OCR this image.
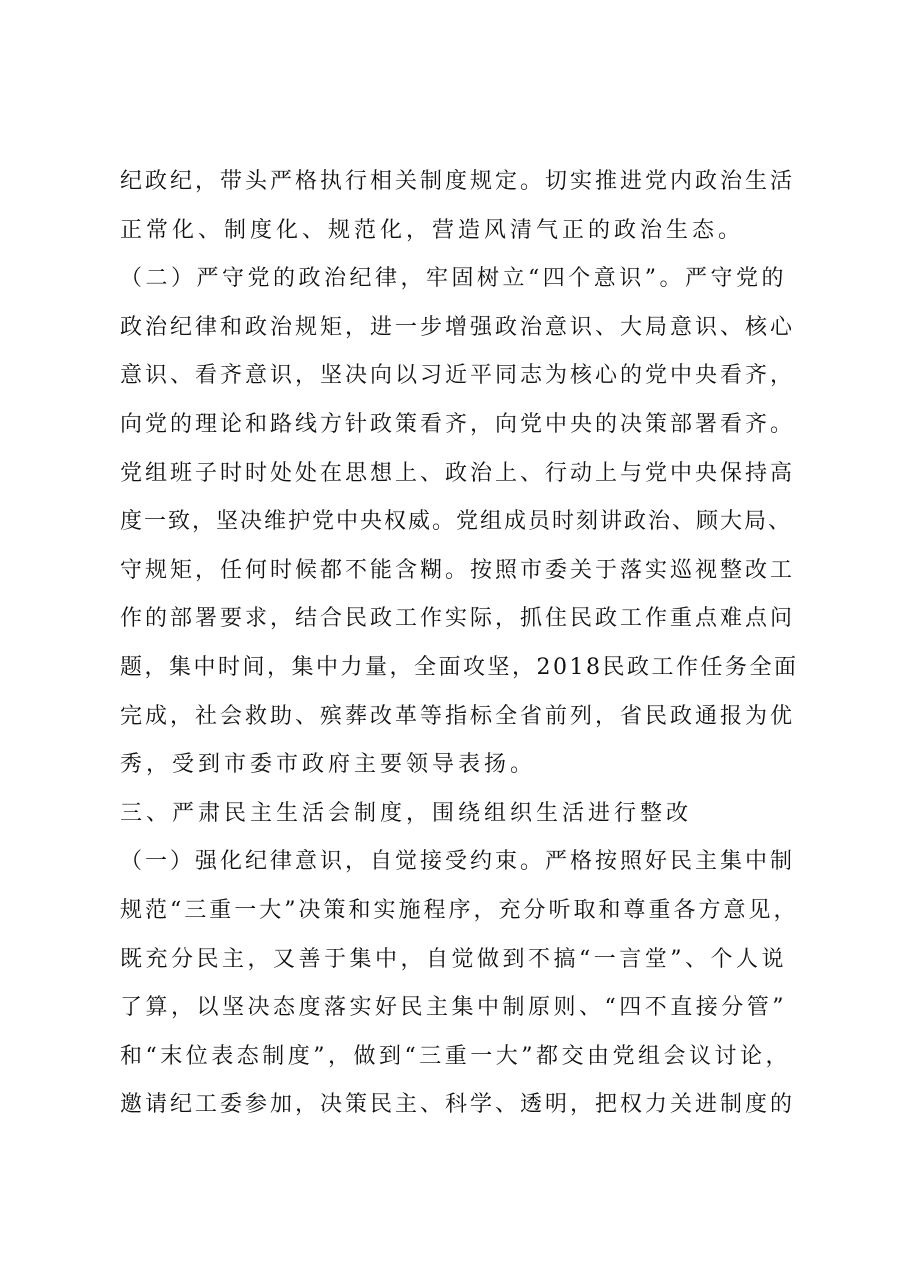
纪政纪，带头严格执行相关制度规定。切实推进党内政治生活
正常化、制度化、规范化，营造风清气正的政治生态。
（二）严守党的政治纪律，牢固树立“四个意识”。严守党的
政治纪律和政治规矩，进一步增强政治意识、大局意识、核心
意识、看齐意识，坚决向以习近平同志为核心的党中央看齐，
向党的理论和路线方针政策看齐，向党中央的决策部署看齐。
党组班子时时处处在思想上、政治上、行动上与党中央保持高
度一致，坚决维护党中央权威。党组成员时刻讲政治、顾大局、
守规矩，任何时候都不能含糊。按照市委关于落实巡视整改工
作的部署要求，结合民政工作实际，抓住民政工作重点难点问
题，集中时间，集中力量，全面攻坚，2018民政工作任务全面
完成，社会救助、殡葬改革等指标全省前列，省民政通报为优
秀，受到市委市政府主要领导表扬。
三、严肃民主生活会制度，围绕组织生活进行整改
（一）强化纪律意识，自觉接受约束。严格按照好民主集中制
规范“三重一大”决策和实施程序，充分听取和尊重各方意见，
既充分民主，又善于集中，自觉做到不搞“一言堂”、个人说
了算，以坚决态度落实好民主集中制原则、“四不直接分管”
和“末位表态制度”，做到“三重一大”都交由党组会议讨论，
邀请纪工委参加，决策民主、科学、透明，把权力关进制度的
